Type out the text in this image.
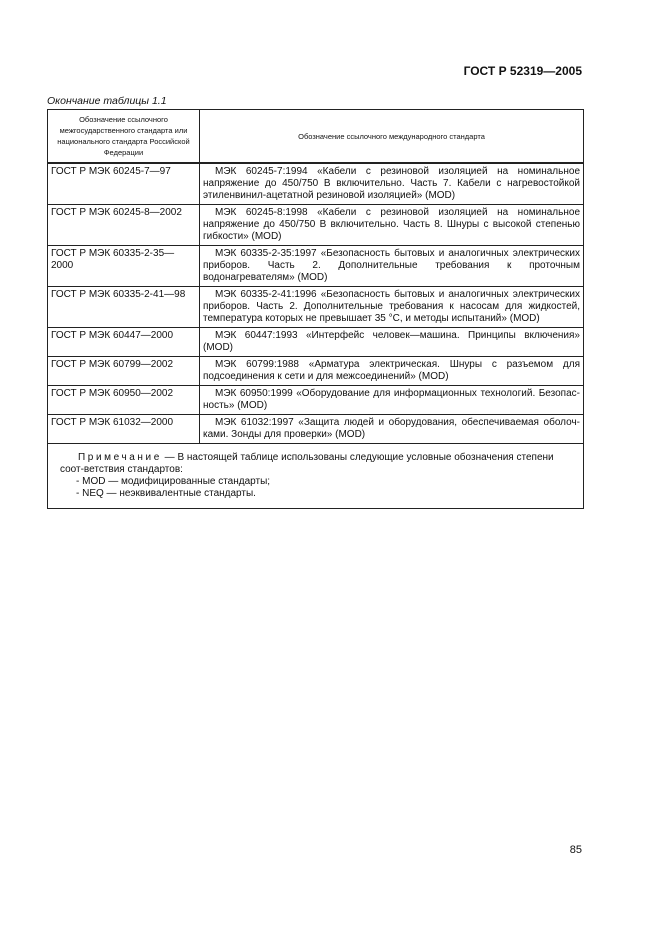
ГОСТ Р 52319—2005
Окончание таблицы 1.1
Обозначение ссылочного межгосударственного стандарта или национального стандарта Российской Федерации	Обозначение ссылочного международного стандарта
ГОСТ Р МЭК 60245-7—97	МЭК 60245-7:1994 «Кабели с резиновой изоляцией на номинальное напряжение до 450/750 В включительно. Часть 7. Кабели с нагревостойкой этиленвинил-ацетатной резиновой изоляцией» (MOD)

ГОСТ Р МЭК 60245-8—2002	МЭК 60245-8:1998 «Кабели с резиновой изоляцией на номинальное напряжение до 450/750 В включительно. Часть 8. Шнуры с высокой степенью гибкости» (MOD)

ГОСТ Р МЭК 60335-2-35—2000	МЭК 60335-2-35:1997 «Безопасность бытовых и аналогичных электрических приборов. Часть 2. Дополнительные требования к проточным водонагревателям» (MOD)

ГОСТ Р МЭК 60335-2-41—98	МЭК 60335-2-41:1996 «Безопасность бытовых и аналогичных электрических приборов. Часть 2. Дополнительные требования к насосам для жидкостей, температура которых не превышает 35 °С, и методы испытаний» (MOD)

ГОСТ Р МЭК 60447—2000	МЭК 60447:1993 «Интерфейс человек—машина. Принципы включения» (MOD)

ГОСТ Р МЭК 60799—2002	МЭК 60799:1988 «Арматура электрическая. Шнуры с разъемом для подсоединения к сети и для межсоединений» (MOD)

ГОСТ Р МЭК 60950—2002	МЭК 60950:1999 «Оборудование для информационных технологий. Безопас-ность» (MOD)

ГОСТ Р МЭК 61032—2000	МЭК 61032:1997 «Защита людей и оборудования, обеспечиваемая оболоч-ками. Зонды для проверки» (MOD)

Примечание — В настоящей таблице использованы следующие условные обозначения степени соот-ветствия стандартов:
- MOD — модифицированные стандарты;
- NEQ — неэквивалентные стандарты.	
85
